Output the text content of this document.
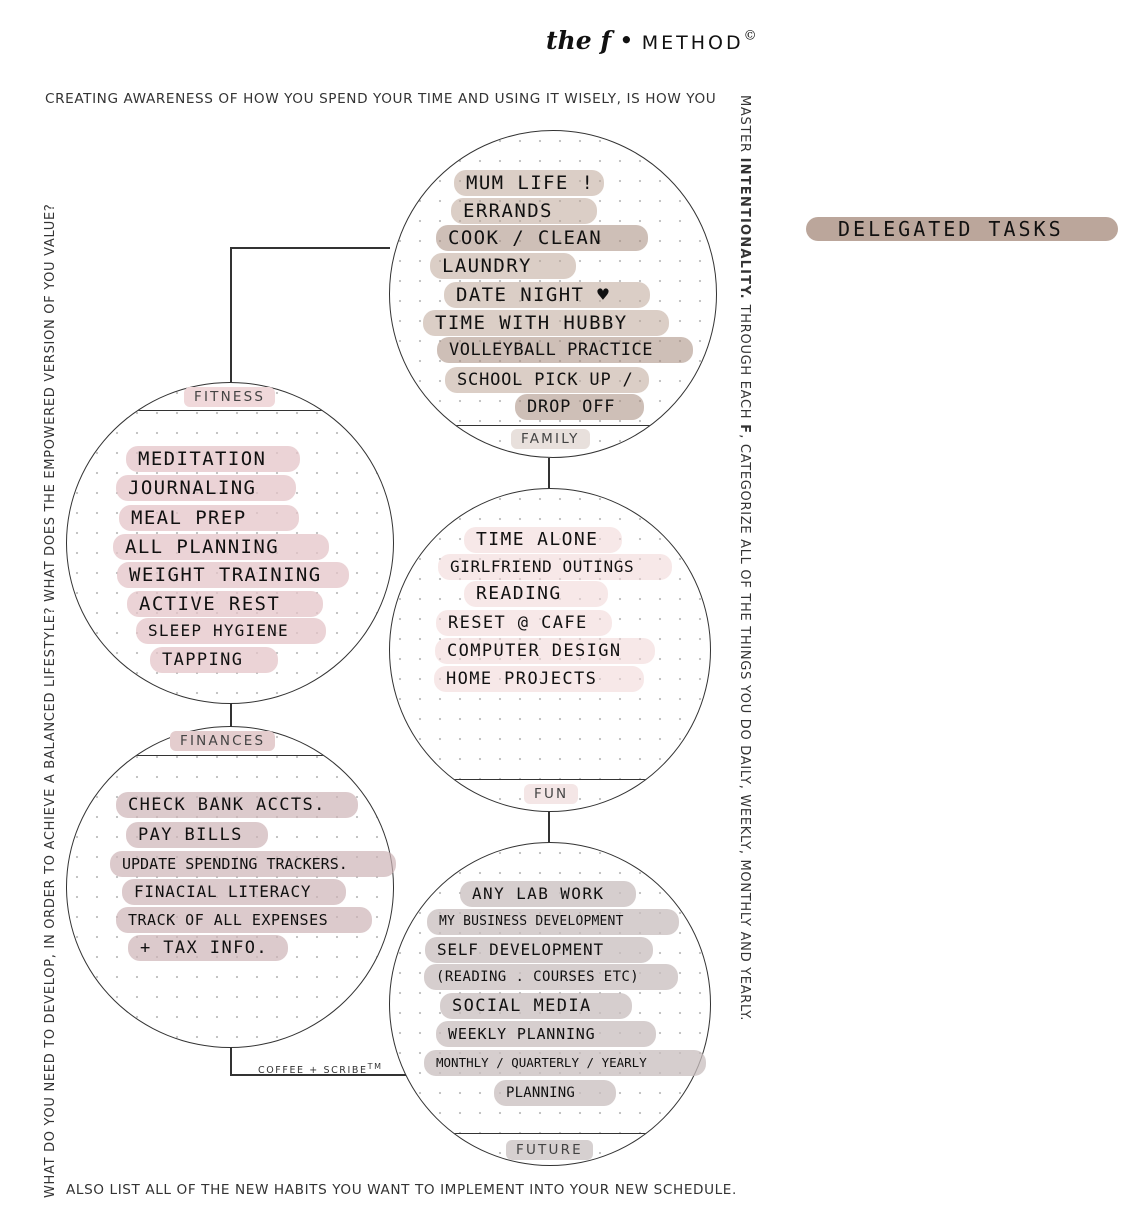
the f • METHOD©
CREATING AWARENESS OF HOW YOU SPEND YOUR TIME AND USING IT WISELY, IS HOW YOU MASTER INTENTIONALITY. THROUGH EACH F, CATEGORIZE ALL OF THE THINGS YOU DO DAILY, WEEKLY, MONTHLY AND YEARLY.
WHAT DO YOU NEED TO DEVELOP, IN ORDER TO ACHIEVE A BALANCED LIFESTYLE? WHAT DOES THE EMPOWERED VERSION OF YOU VALUE? ALSO LIST ALL OF THE NEW HABITS YOU WANT TO IMPLEMENT INTO YOUR NEW SCHEDULE.
FAMILY
MUM LIFE !
ERRANDS
COOK / CLEAN
LAUNDRY
DATE NIGHT ♥
TIME WITH HUBBY
VOLLEYBALL PRACTICE
SCHOOL PICK UP /
DROP OFF
FITNESS
MEDITATION
JOURNALING
MEAL PREP
ALL PLANNING
WEIGHT TRAINING
ACTIVE REST
SLEEP HYGIENE
TAPPING
FUN
TIME ALONE
GIRLFRIEND OUTINGS
READING
RESET @ CAFE
COMPUTER DESIGN
HOME PROJECTS
FINANCES
CHECK BANK ACCTS.
PAY BILLS
UPDATE SPENDING TRACKERS.
FINACIAL LITERACY
TRACK OF ALL EXPENSES
+ TAX INFO.
COFFEE + SCRIBE™
FUTURE
ANY LAB WORK
MY BUSINESS DEVELOPMENT
SELF DEVELOPMENT
(READING . COURSES ETC)
SOCIAL MEDIA
WEEKLY PLANNING
MONTHLY / QUARTERLY / YEARLY
PLANNING
DELEGATED TASKS
